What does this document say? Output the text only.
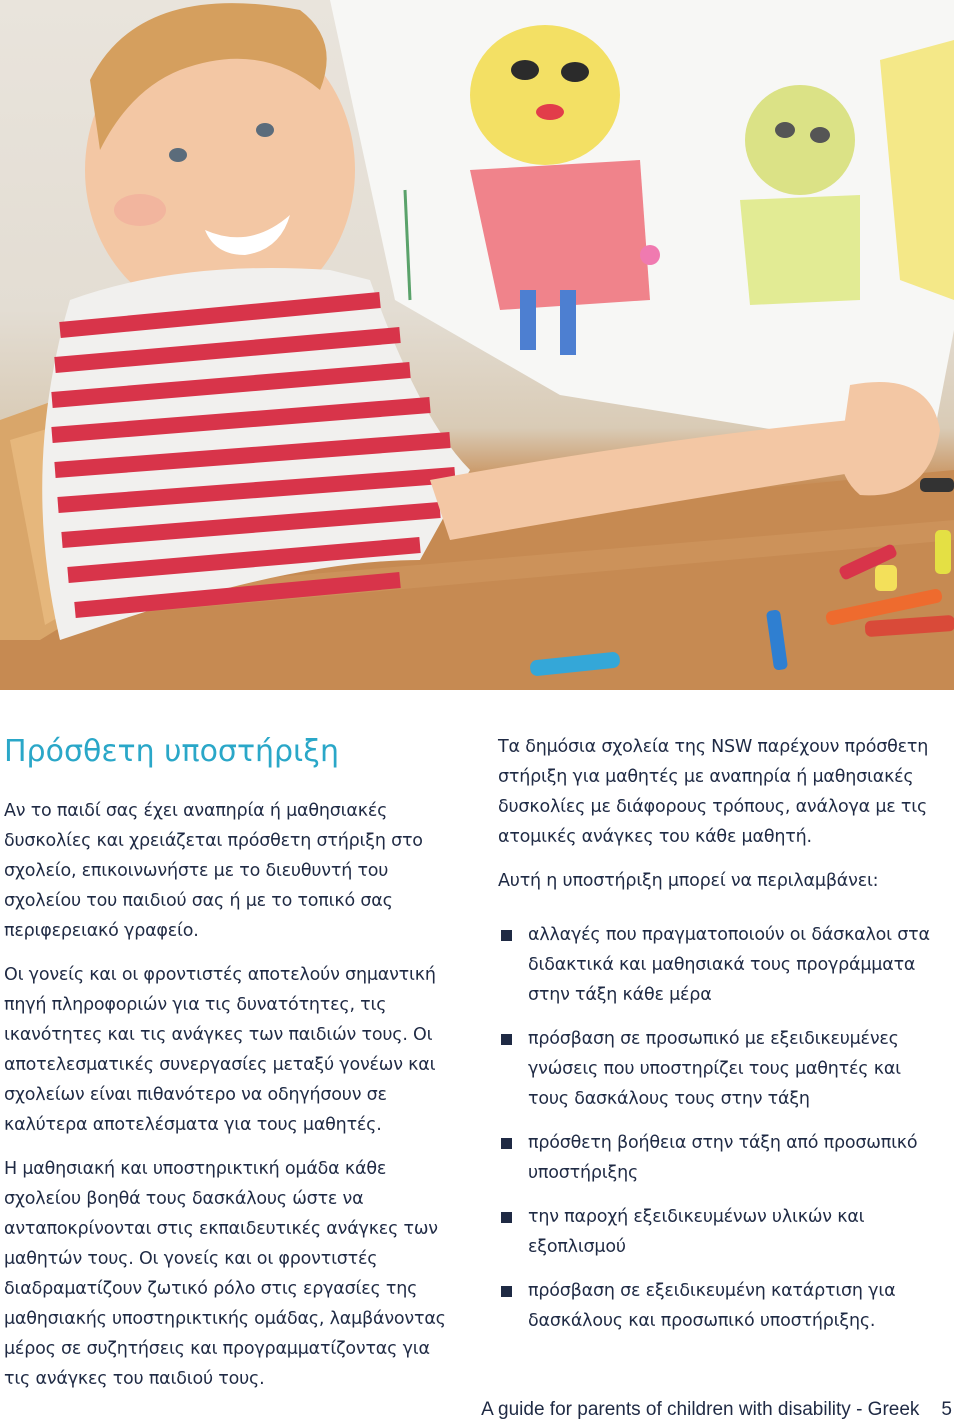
Πρόσθετη υποστήριξη

Αν το παιδί σας έχει αναπηρία ή μαθησιακές δυσκολίες και χρειάζεται πρόσθετη στήριξη στο σχολείο, επικοινωνήστε με το διευθυντή του σχολείου του παιδιού σας ή με το τοπικό σας περιφερειακό γραφείο.

Οι γονείς και οι φροντιστές αποτελούν σημαντική πηγή πληροφοριών για τις δυνατότητες, τις ικανότητες και τις ανάγκες των παιδιών τους. Οι αποτελεσματικές συνεργασίες μεταξύ γονέων και σχολείων είναι πιθανότερο να οδηγήσουν σε καλύτερα αποτελέσματα για τους μαθητές.

Η μαθησιακή και υποστηρικτική ομάδα κάθε σχολείου βοηθά τους δασκάλους ώστε να ανταποκρίνονται στις εκπαιδευτικές ανάγκες των μαθητών τους. Οι γονείς και οι φροντιστές διαδραματίζουν ζωτικό ρόλο στις εργασίες της μαθησιακής υποστηρικτικής ομάδας, λαμβάνοντας μέρος σε συζητήσεις και προγραμματίζοντας για τις ανάγκες του παιδιού τους.

Τα δημόσια σχολεία της NSW παρέχουν πρόσθετη στήριξη για μαθητές με αναπηρία ή μαθησιακές δυσκολίες με διάφορους τρόπους, ανάλογα με τις ατομικές ανάγκες του κάθε μαθητή.

Αυτή η υποστήριξη μπορεί να περιλαμβάνει:

αλλαγές που πραγματοποιούν οι δάσκαλοι στα διδακτικά και μαθησιακά τους προγράμματα στην τάξη κάθε μέρα
πρόσβαση σε προσωπικό με εξειδικευμένες γνώσεις που υποστηρίζει τους μαθητές και τους δασκάλους τους στην τάξη
πρόσθετη βοήθεια στην τάξη από προσωπικό υποστήριξης
την παροχή εξειδικευμένων υλικών και εξοπλισμού
πρόσβαση σε εξειδικευμένη κατάρτιση για δασκάλους και προσωπικό υποστήριξης.
A guide for parents of children with disability - Greek 5
